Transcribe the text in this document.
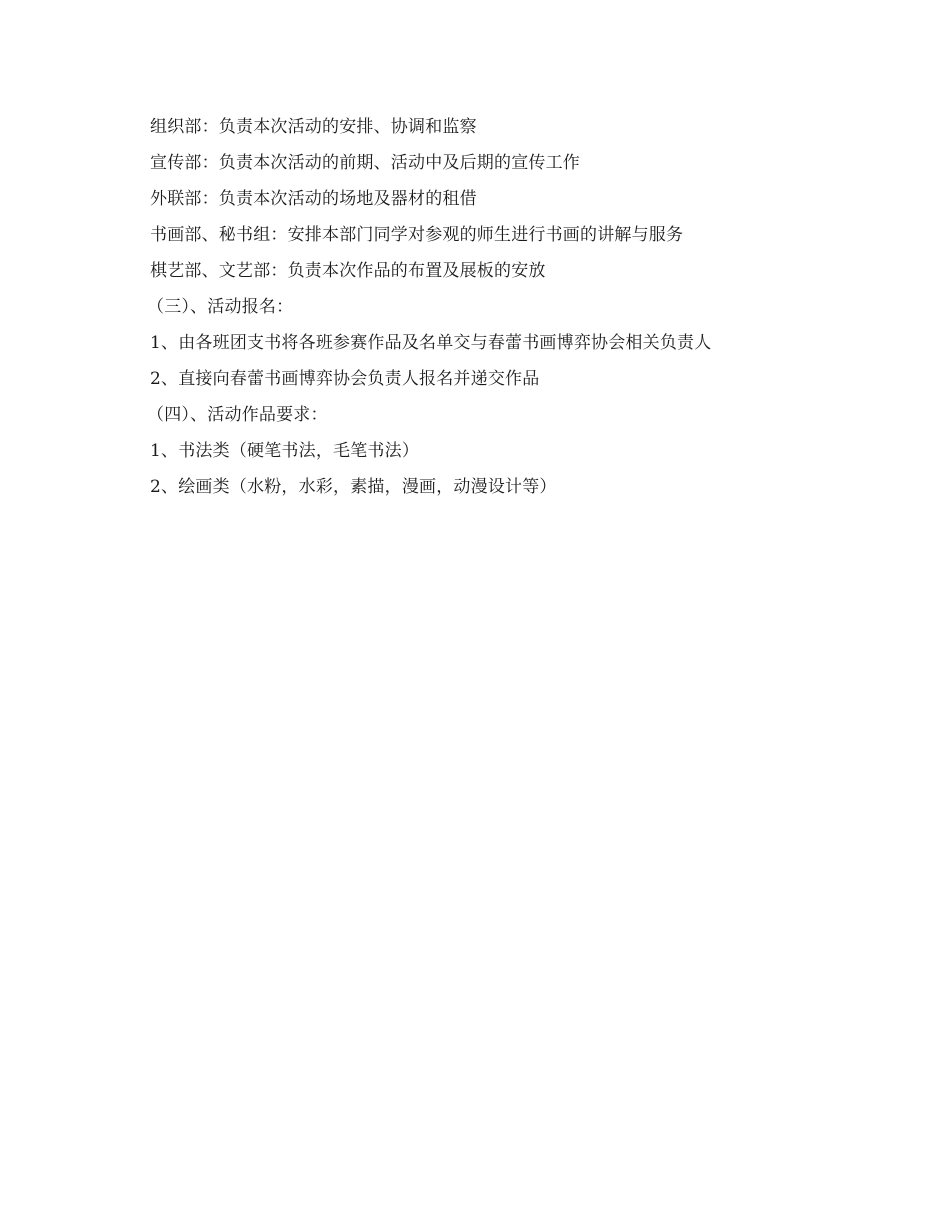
组织部：负责本次活动的安排、协调和监察
宣传部：负责本次活动的前期、活动中及后期的宣传工作
外联部：负责本次活动的场地及器材的租借
书画部、秘书组：安排本部门同学对参观的师生进行书画的讲解与服务
棋艺部、文艺部：负责本次作品的布置及展板的安放
（三）、活动报名：
1、由各班团支书将各班参赛作品及名单交与春蕾书画博弈协会相关负责人
2、直接向春蕾书画博弈协会负责人报名并递交作品
（四）、活动作品要求：
1、书法类（硬笔书法，毛笔书法）
2、绘画类（水粉，水彩，素描，漫画，动漫设计等）
